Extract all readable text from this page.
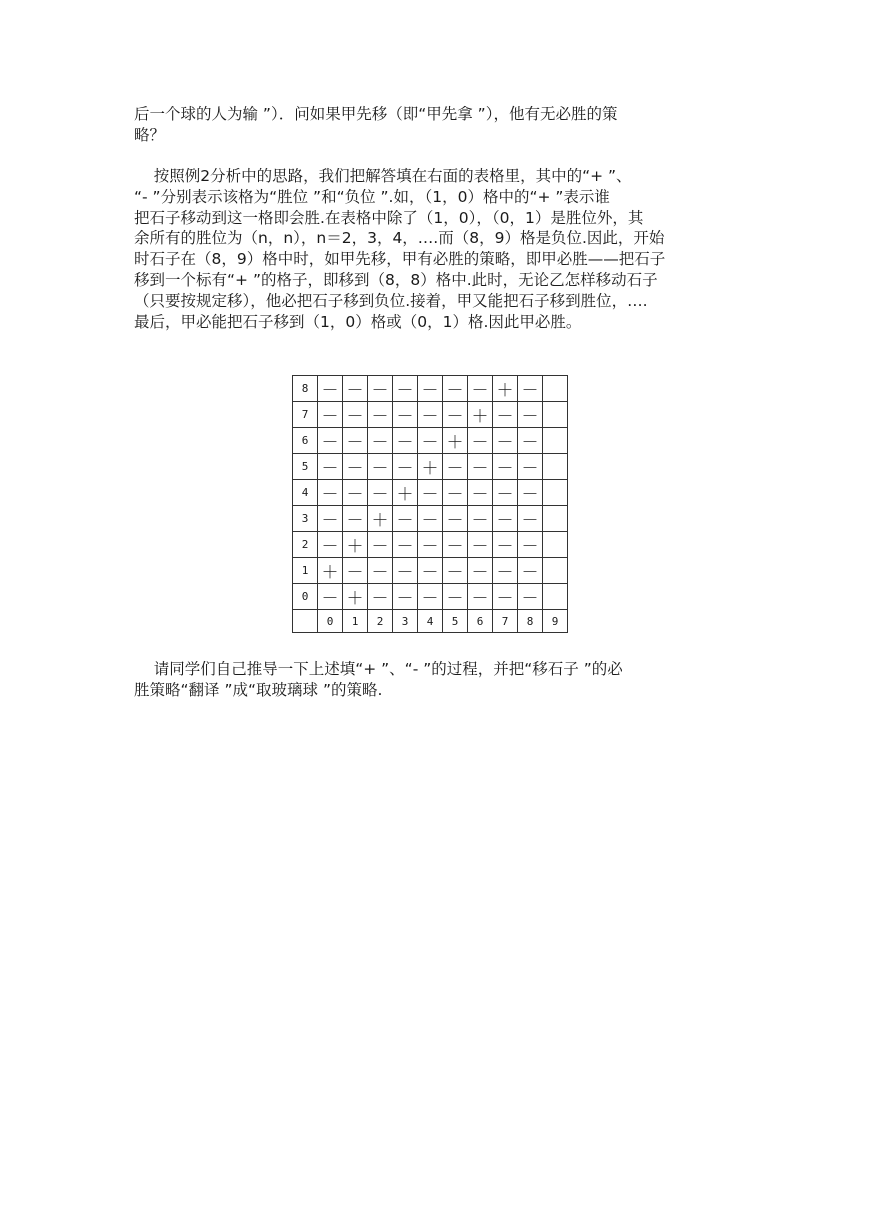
后一个球的人为输 ”）．问如果甲先移（即“甲先拿 ”），他有无必胜的策
略？

按照例2分析中的思路，我们把解答填在右面的表格里，其中的“+ ”、
“- ”分别表示该格为“胜位 ”和“负位 ”.如，（1，0）格中的“+ ”表示谁
把石子移动到这一格即会胜.在表格中除了（1，0），（0，1）是胜位外，其
余所有的胜位为（n，n），n＝2，3，4，….而（8，9）格是负位.因此，开始
时石子在（8，9）格中时，如甲先移，甲有必胜的策略，即甲必胜——把石子
移到一个标有“+ ”的格子，即移到（8，8）格中.此时，无论乙怎样移动石子
（只要按规定移），他必把石子移到负位.接着，甲又能把石子移到胜位，….
最后，甲必能把石子移到（1，0）格或（0，1）格.因此甲必胜。

8	－	－	－	－	－	－	－	＋	－	
7	－	－	－	－	－	－	＋	－	－	
6	－	－	－	－	－	＋	－	－	－	
5	－	－	－	－	＋	－	－	－	－	
4	－	－	－	＋	－	－	－	－	－	
3	－	－	＋	－	－	－	－	－	－	
2	－	＋	－	－	－	－	－	－	－	
1	＋	－	－	－	－	－	－	－	－	
0	－	＋	－	－	－	－	－	－	－	
	0	1	2	3	4	5	6	7	8	9

请同学们自己推导一下上述填“+ ”、“- ”的过程，并把“移石子 ”的必
胜策略“翻译 ”成“取玻璃球 ”的策略.
